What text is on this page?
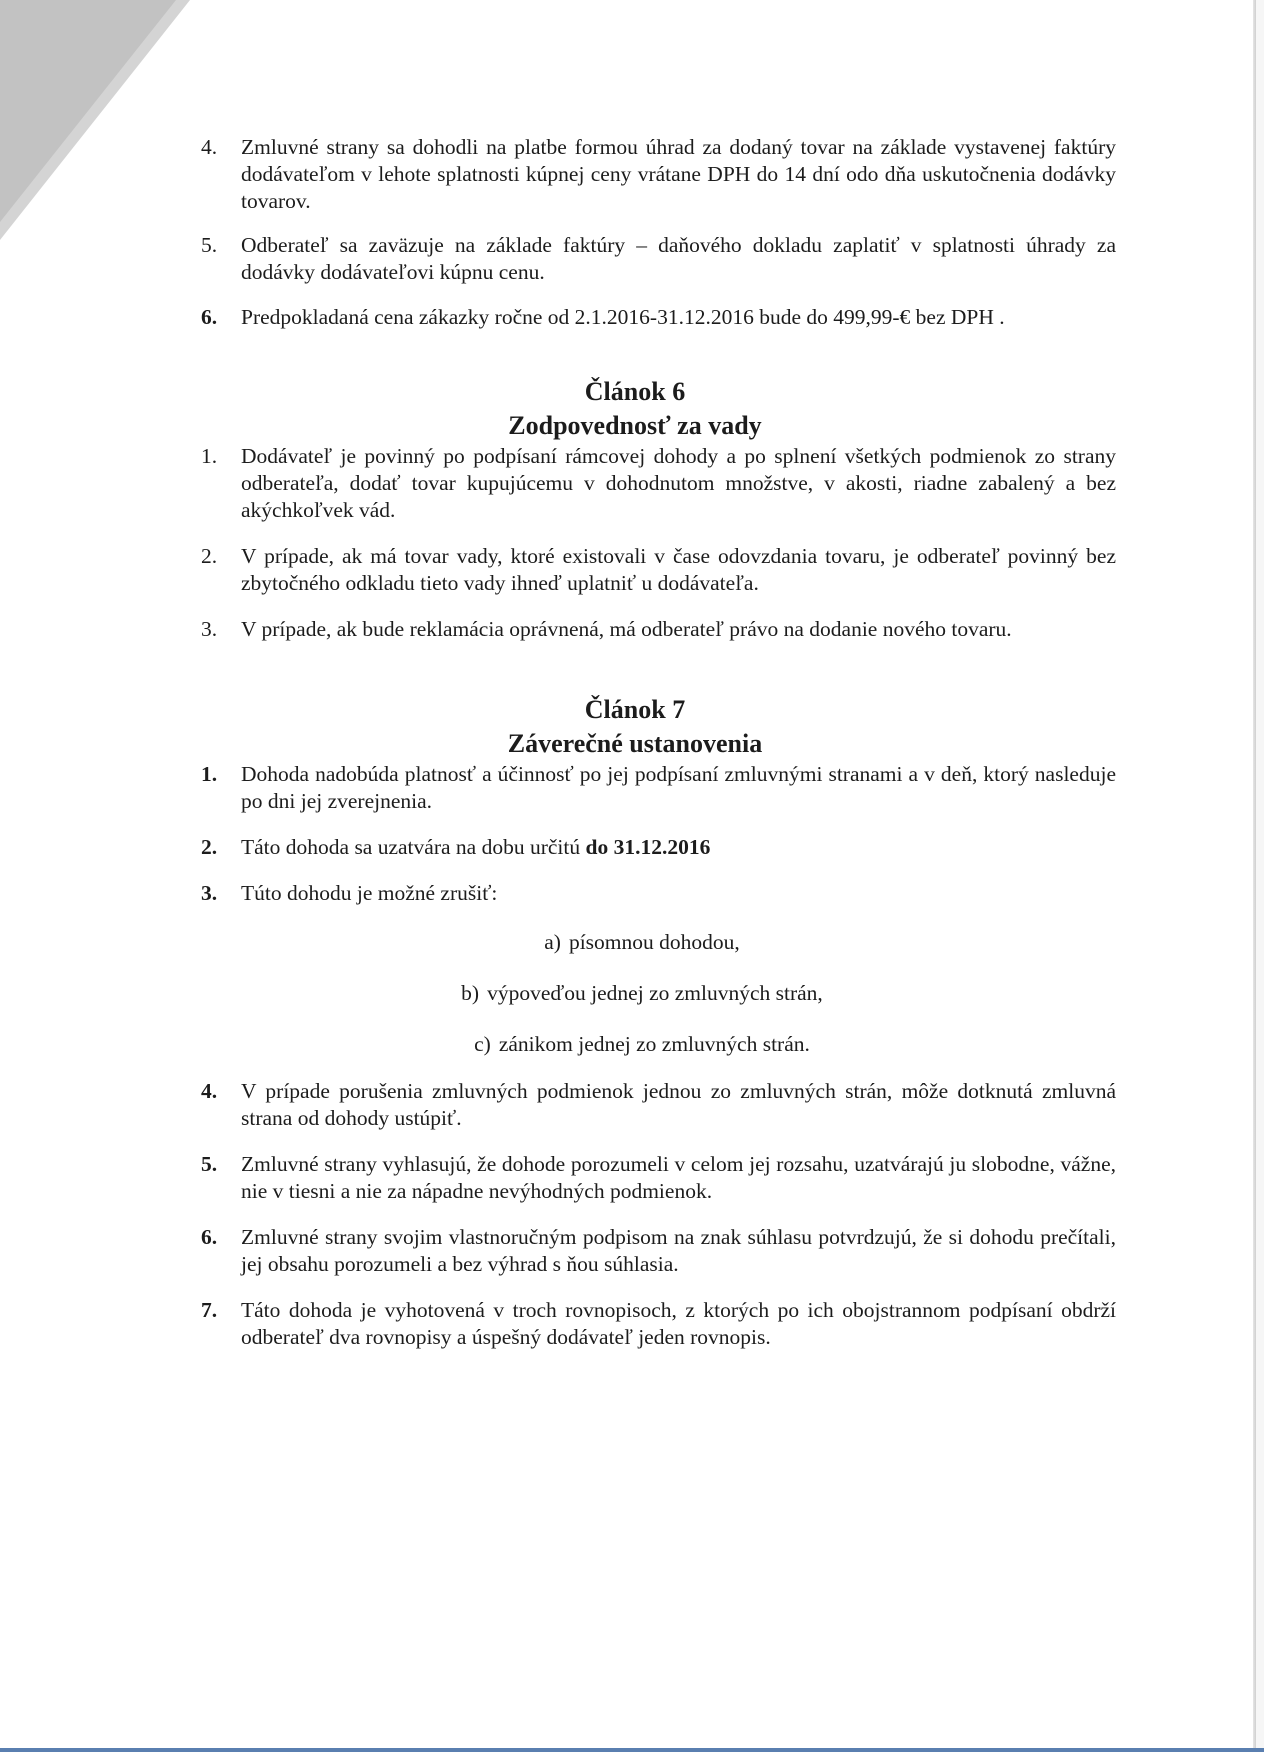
4. Zmluvné strany sa dohodli na platbe formou úhrad za dodaný tovar na základe vystavenej faktúry dodávateľom v lehote splatnosti kúpnej ceny vrátane DPH do 14 dní odo dňa uskutočnenia dodávky tovarov.
5. Odberateľ sa zaväzuje na základe faktúry – daňového dokladu zaplatiť v splatnosti úhrady za dodávky dodávateľovi kúpnu cenu.
6. Predpokladaná cena zákazky ročne od 2.1.2016-31.12.2016 bude do 499,99-€ bez DPH .
Článok 6
Zodpovednosť za vady
1. Dodávateľ je povinný po podpísaní rámcovej dohody a po splnení všetkých podmienok zo strany odberateľa, dodať tovar kupujúcemu v dohodnutom množstve, v akosti, riadne zabalený a bez akýchkoľvek vád.
2. V prípade, ak má tovar vady, ktoré existovali v čase odovzdania tovaru, je odberateľ povinný bez zbytočného odkladu tieto vady ihneď uplatniť u dodávateľa.
3. V prípade, ak bude reklamácia oprávnená, má odberateľ právo na dodanie nového tovaru.
Článok 7
Záverečné ustanovenia
1. Dohoda nadobúda platnosť a účinnosť po jej podpísaní zmluvnými stranami a v deň, ktorý nasleduje po dni jej zverejnenia.
2. Táto dohoda sa uzatvára na dobu určitú do 31.12.2016
3. Túto dohodu je možné zrušiť:
a) písomnou dohodou,
b) výpoveďou jednej zo zmluvných strán,
c) zánikom jednej zo zmluvných strán.
4. V prípade porušenia zmluvných podmienok jednou zo zmluvných strán, môže dotknutá zmluvná strana od dohody ustúpiť.
5. Zmluvné strany vyhlasujú, že dohode porozumeli v celom jej rozsahu, uzatvárajú ju slobodne, vážne, nie v tiesni a nie za nápadne nevýhodných podmienok.
6. Zmluvné strany svojim vlastnoručným podpisom na znak súhlasu potvrdzujú, že si dohodu prečítali, jej obsahu porozumeli a bez výhrad s ňou súhlasia.
7. Táto dohoda je vyhotovená v troch rovnopisoch, z ktorých po ich obojstrannom podpísaní obdrží odberateľ dva rovnopisy a úspešný dodávateľ jeden rovnopis.
